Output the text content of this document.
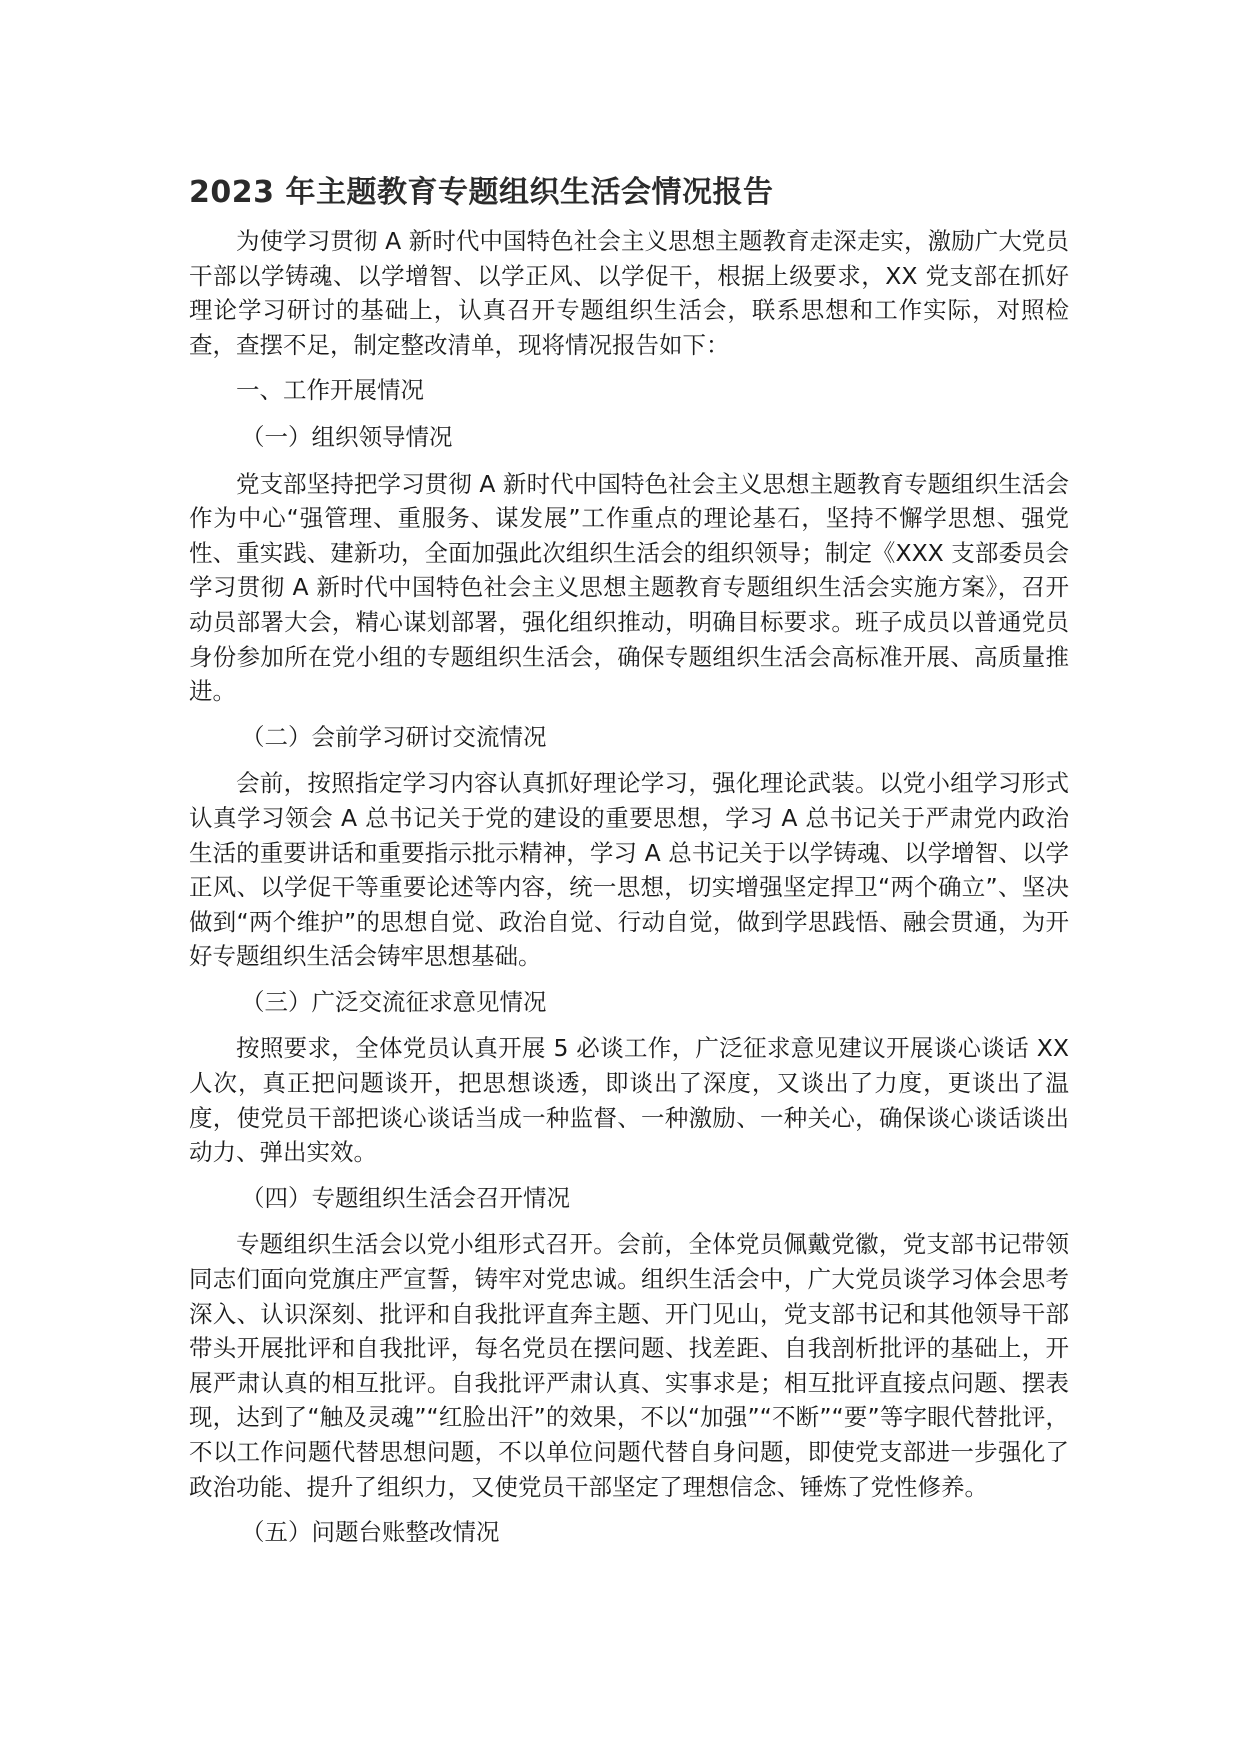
2023 年主题教育专题组织生活会情况报告

为使学习贯彻 A 新时代中国特色社会主义思想主题教育走深走实，激励广大党员干部以学铸魂、以学增智、以学正风、以学促干，根据上级要求，XX 党支部在抓好理论学习研讨的基础上，认真召开专题组织生活会，联系思想和工作实际，对照检查，查摆不足，制定整改清单，现将情况报告如下：

一、工作开展情况

（一）组织领导情况

党支部坚持把学习贯彻 A 新时代中国特色社会主义思想主题教育专题组织生活会作为中心“强管理、重服务、谋发展”工作重点的理论基石，坚持不懈学思想、强党性、重实践、建新功，全面加强此次组织生活会的组织领导；制定《XXX 支部委员会学习贯彻 A 新时代中国特色社会主义思想主题教育专题组织生活会实施方案》，召开动员部署大会，精心谋划部署，强化组织推动，明确目标要求。班子成员以普通党员身份参加所在党小组的专题组织生活会，确保专题组织生活会高标准开展、高质量推进。

（二）会前学习研讨交流情况

会前，按照指定学习内容认真抓好理论学习，强化理论武装。以党小组学习形式认真学习领会 A 总书记关于党的建设的重要思想，学习 A 总书记关于严肃党内政治生活的重要讲话和重要指示批示精神，学习 A 总书记关于以学铸魂、以学增智、以学正风、以学促干等重要论述等内容，统一思想，切实增强坚定捍卫“两个确立”、坚决做到“两个维护”的思想自觉、政治自觉、行动自觉，做到学思践悟、融会贯通，为开好专题组织生活会铸牢思想基础。

（三）广泛交流征求意见情况

按照要求，全体党员认真开展 5 必谈工作，广泛征求意见建议开展谈心谈话 XX 人次，真正把问题谈开，把思想谈透，即谈出了深度，又谈出了力度，更谈出了温度，使党员干部把谈心谈话当成一种监督、一种激励、一种关心，确保谈心谈话谈出动力、弹出实效。

（四）专题组织生活会召开情况

专题组织生活会以党小组形式召开。会前，全体党员佩戴党徽，党支部书记带领同志们面向党旗庄严宣誓，铸牢对党忠诚。组织生活会中，广大党员谈学习体会思考深入、认识深刻、批评和自我批评直奔主题、开门见山，党支部书记和其他领导干部带头开展批评和自我批评，每名党员在摆问题、找差距、自我剖析批评的基础上，开展严肃认真的相互批评。自我批评严肃认真、实事求是；相互批评直接点问题、摆表现，达到了“触及灵魂”“红脸出汗”的效果，不以“加强”“不断”“要”等字眼代替批评，不以工作问题代替思想问题，不以单位问题代替自身问题，即使党支部进一步强化了政治功能、提升了组织力，又使党员干部坚定了理想信念、锤炼了党性修养。

（五）问题台账整改情况
